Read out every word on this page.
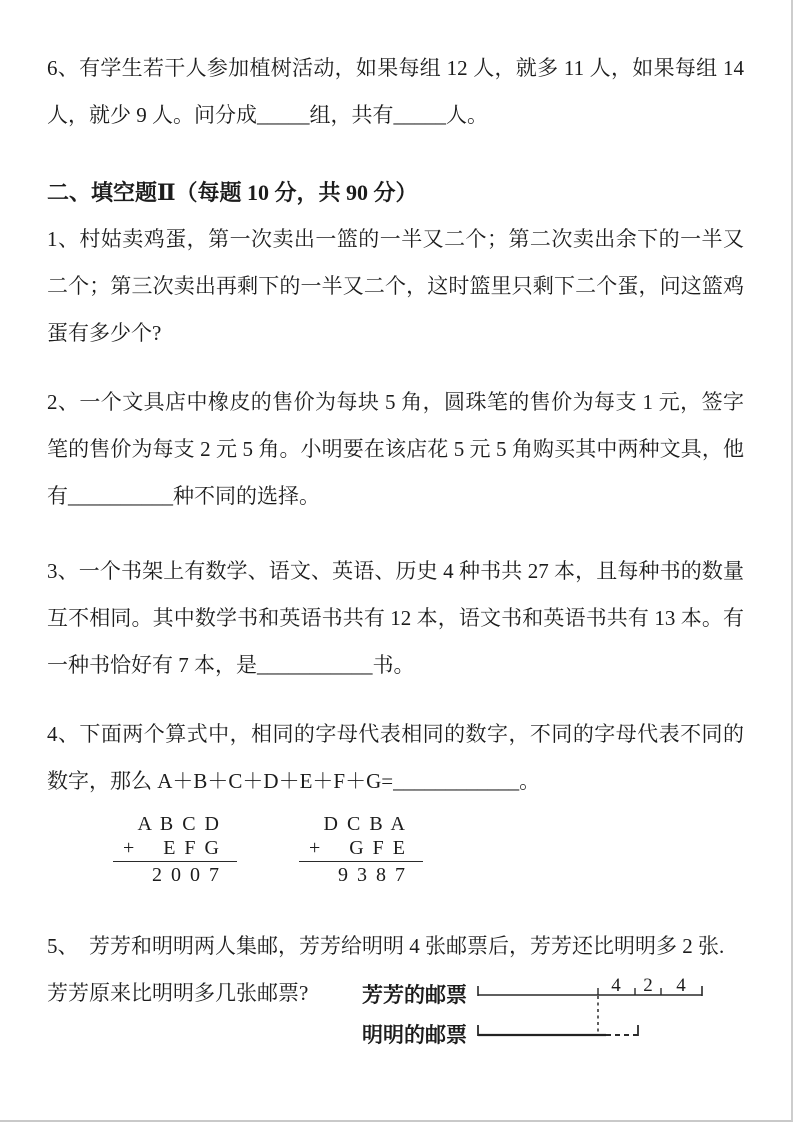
6、有学生若干人参加植树活动，如果每组 12 人，就多 11 人，如果每组 14
人，就少 9 人。问分成_____组，共有_____人。
二、填空题Ⅱ（每题 10 分，共 90 分）
1、村姑卖鸡蛋，第一次卖出一篮的一半又二个；第二次卖出余下的一半又
二个；第三次卖出再剩下的一半又二个，这时篮里只剩下二个蛋，问这篮鸡
蛋有多少个?
2、一个文具店中橡皮的售价为每块 5 角，圆珠笔的售价为每支 1 元，签字
笔的售价为每支 2 元 5 角。小明要在该店花 5 元 5 角购买其中两种文具，他
有__________种不同的选择。
3、一个书架上有数学、语文、英语、历史 4 种书共 27 本，且每种书的数量
互不相同。其中数学书和英语书共有 12 本，语文书和英语书共有 13 本。有
一种书恰好有 7 本，是___________书。
4、下面两个算式中，相同的字母代表相同的数字，不同的字母代表不同的
数字，那么 A＋B＋C＋D＋E＋F＋G=____________。
A B C D
E F G
+
2 0 0 7
D C B A
G F E
+
9 3 8 7
5、　芳芳和明明两人集邮，芳芳给明明 4 张邮票后，芳芳还比明明多 2 张.
芳芳原来比明明多几张邮票?	芳芳的邮票
明明的邮票
4 2 4
